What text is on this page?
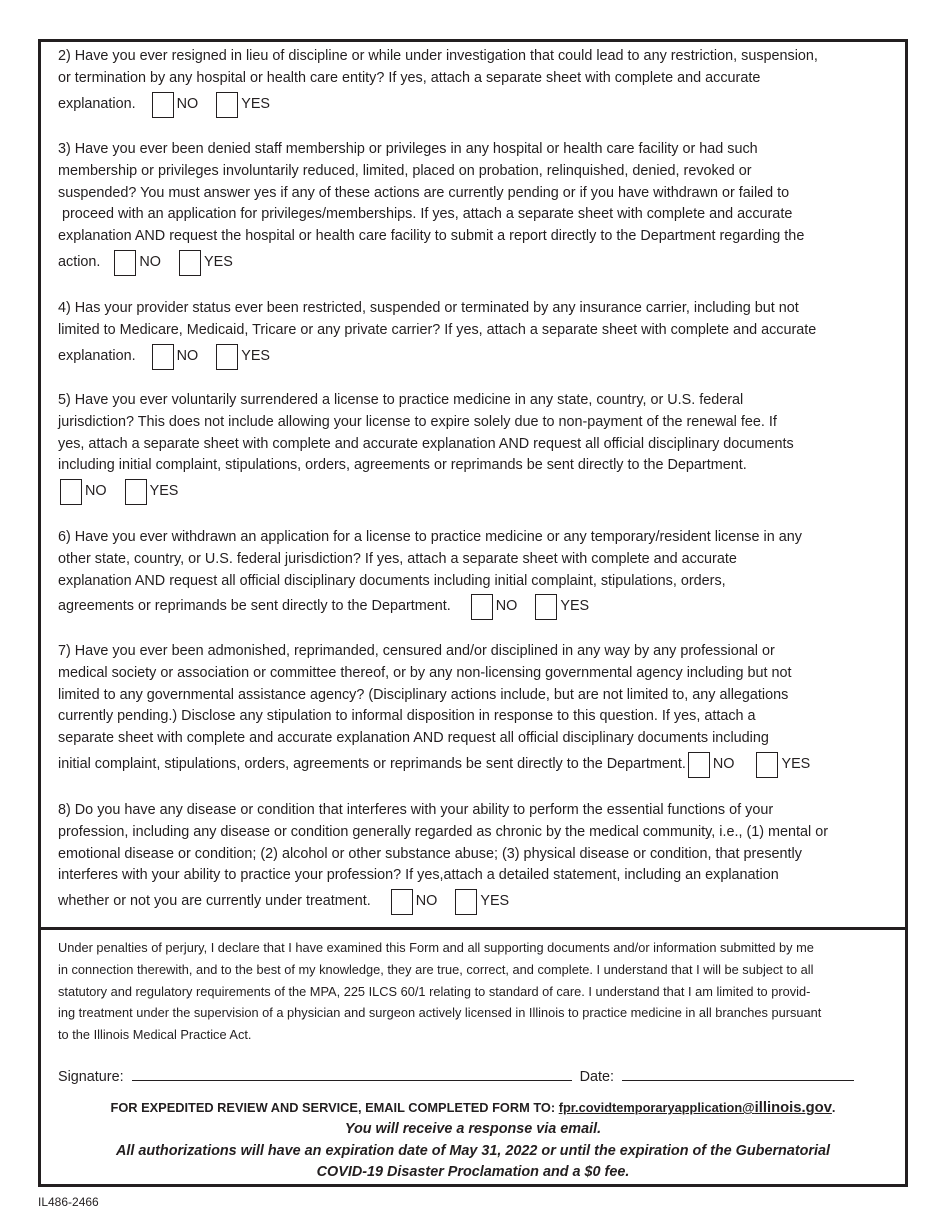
2) Have you ever resigned in lieu of discipline or while under investigation that could lead to any restriction, suspension,
or termination by any hospital or health care entity? If yes, attach a separate sheet with complete and accurate
explanation.	NO	YES
3) Have you ever been denied staff membership or privileges in any hospital or health care facility or had such
membership or privileges involuntarily reduced, limited, placed on probation, relinquished, denied, revoked or
suspended? You must answer yes if any of these actions are currently pending or if you have withdrawn or failed to
proceed with an application for privileges/memberships. If yes, attach a separate sheet with complete and accurate
explanation AND request the hospital or health care facility to submit a report directly to the Department regarding the
action.	NO	YES
4) Has your provider status ever been restricted, suspended or terminated by any insurance carrier, including but not
limited to Medicare, Medicaid, Tricare or any private carrier? If yes, attach a separate sheet with complete and accurate
explanation.	NO	YES
5) Have you ever voluntarily surrendered a license to practice medicine in any state, country, or U.S. federal
jurisdiction? This does not include allowing your license to expire solely due to non-payment of the renewal fee. If
yes, attach a separate sheet with complete and accurate explanation AND request all official disciplinary documents
including initial complaint, stipulations, orders, agreements or reprimands be sent directly to the Department.
NO	YES
6) Have you ever withdrawn an application for a license to practice medicine or any temporary/resident license in any
other state, country, or U.S. federal jurisdiction? If yes, attach a separate sheet with complete and accurate
explanation AND request all official disciplinary documents including initial complaint, stipulations, orders,
agreements or reprimands be sent directly to the Department.	NO	YES
7) Have you ever been admonished, reprimanded, censured and/or disciplined in any way by any professional or
medical society or association or committee thereof, or by any non-licensing governmental agency including but not
limited to any governmental assistance agency? (Disciplinary actions include, but are not limited to, any allegations
currently pending.) Disclose any stipulation to informal disposition in response to this question. If yes, attach a
separate sheet with complete and accurate explanation AND request all official disciplinary documents including
initial complaint, stipulations, orders, agreements or reprimands be sent directly to the Department. NO	YES
8) Do you have any disease or condition that interferes with your ability to perform the essential functions of your
profession, including any disease or condition generally regarded as chronic by the medical community, i.e., (1) mental or
emotional disease or condition; (2) alcohol or other substance abuse; (3) physical disease or condition, that presently
interferes with your ability to practice your profession? If yes,attach a detailed statement, including an explanation
whether or not you are currently under treatment.	NO	YES
Under penalties of perjury, I declare that I have examined this Form and all supporting documents and/or information submitted by me
in connection therewith, and to the best of my knowledge, they are true, correct, and complete. I understand that I will be subject to all
statutory and regulatory requirements of the MPA, 225 ILCS 60/1 relating to standard of care. I understand that I am limited to provid-
ing treatment under the supervision of a physician and surgeon actively licensed in Illinois to practice medicine in all branches pursuant
to the Illinois Medical Practice Act.
Signature:	Date:
FOR EXPEDITED REVIEW AND SERVICE, EMAIL COMPLETED FORM TO: fpr.covidtemporaryapplication@illinois.gov.
You will receive a response via email.
All authorizations will have an expiration date of May 31, 2022 or until the expiration of the Gubernatorial
COVID-19 Disaster Proclamation and a $0 fee.
IL486-2466
